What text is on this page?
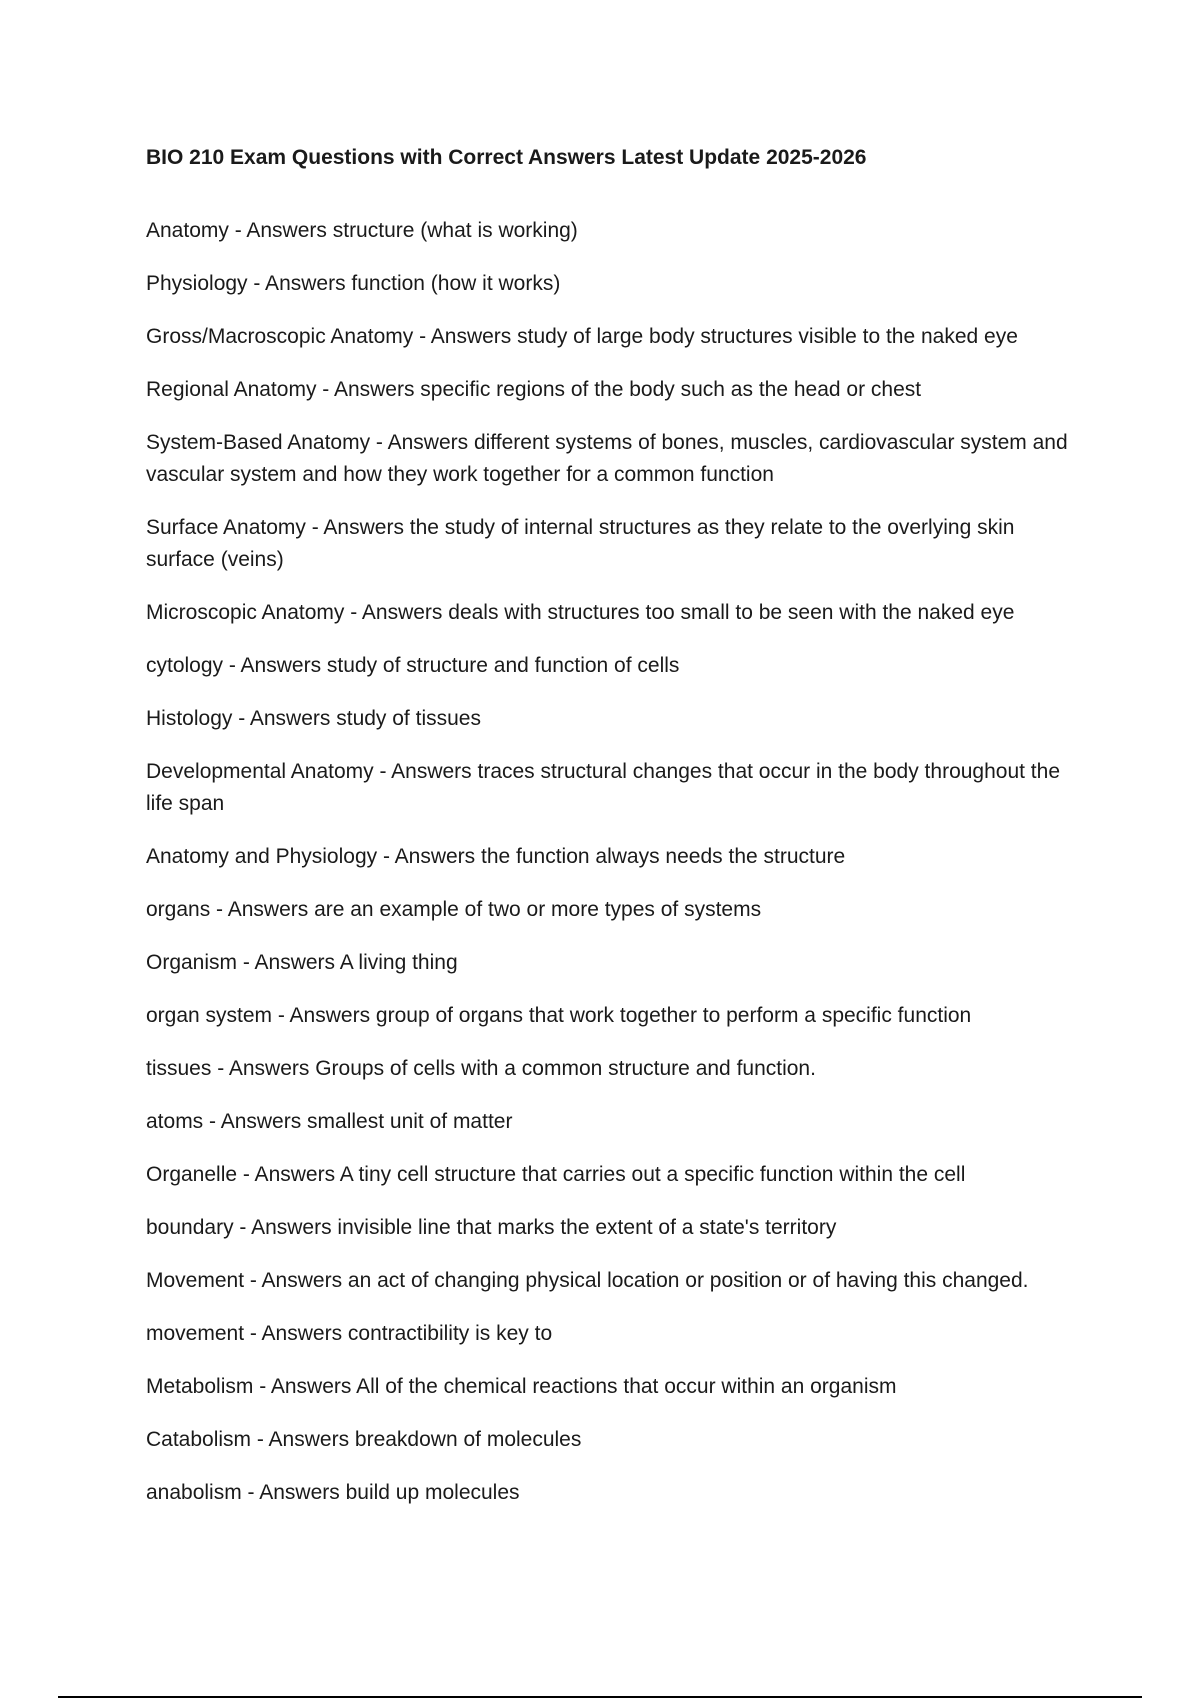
BIO 210 Exam Questions with Correct Answers Latest Update 2025-2026

Anatomy - Answers structure (what is working)

Physiology - Answers function (how it works)

Gross/Macroscopic Anatomy - Answers study of large body structures visible to the naked eye

Regional Anatomy - Answers specific regions of the body such as the head or chest

System-Based Anatomy - Answers different systems of bones, muscles, cardiovascular system and vascular system and how they work together for a common function

Surface Anatomy - Answers the study of internal structures as they relate to the overlying skin surface (veins)

Microscopic Anatomy - Answers deals with structures too small to be seen with the naked eye

cytology - Answers study of structure and function of cells

Histology - Answers study of tissues

Developmental Anatomy - Answers traces structural changes that occur in the body throughout the life span

Anatomy and Physiology - Answers the function always needs the structure

organs - Answers are an example of two or more types of systems

Organism - Answers A living thing

organ system - Answers group of organs that work together to perform a specific function

tissues - Answers Groups of cells with a common structure and function.

atoms - Answers smallest unit of matter

Organelle - Answers A tiny cell structure that carries out a specific function within the cell

boundary - Answers invisible line that marks the extent of a state's territory

Movement - Answers an act of changing physical location or position or of having this changed.

movement - Answers contractibility is key to

Metabolism - Answers All of the chemical reactions that occur within an organism

Catabolism - Answers breakdown of molecules

anabolism - Answers build up molecules
